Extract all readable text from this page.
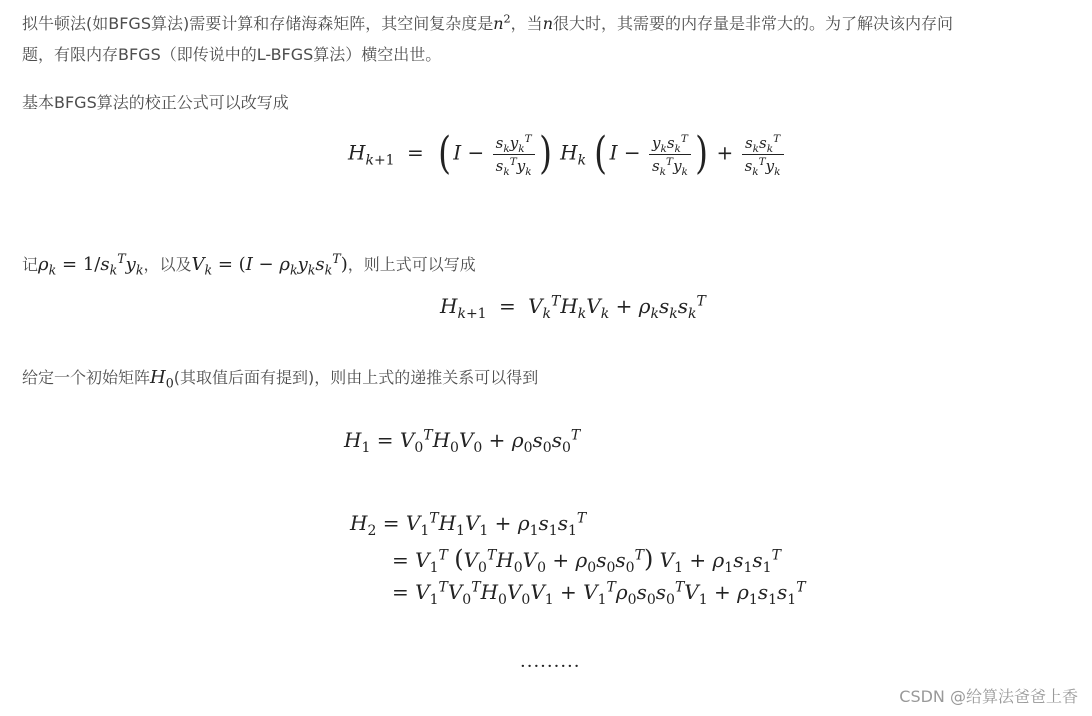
拟牛顿法(如BFGS算法)需要计算和存储海森矩阵，其空间复杂度是$n^2$，当n很大时，其需要的内存量是非常大的。为了解决该内存问
题，有限内存BFGS（即传说中的L-BFGS算法）横空出世。
基本BFGS算法的校正公式可以改写成
$H_{k+1}$ = ( $I - \frac{s_ky_k^T}{s_k^Ty_k}$ ) $H_k$ ( $I - \frac{y_ks_k^T}{s_k^Ty_k}$ ) + $\frac{s_ks_k^T}{s_k^Ty_k}$
记$\rho_k = 1/s_k^Ty_k$，以及$V_k = (I - \rho_ky_ks_k^T)$，则上式可以写成
$H_{k+1} = V_k^TH_kV_k + \rho_ks_ks_k^T$
给定一个初始矩阵$H_0$(其取值后面有提到)，则由上式的递推关系可以得到
$H_1 = V_0^TH_0V_0 + \rho_0s_0s_0^T$
$H_2 = V_1^TH_1V_1 + \rho_1s_1s_1^T$
= $V_1^T$ $(V_0^TH_0V_0 + \rho_0s_0s_0^T) V_1 + \rho_1s_1s_1^T$
= $V_1^TV_0^TH_0V_0V_1 + V_1^T\rho_0s_0s_0^TV_1 + \rho_1s_1s_1^T$
·········
CSDN @给算法爸爸上香
